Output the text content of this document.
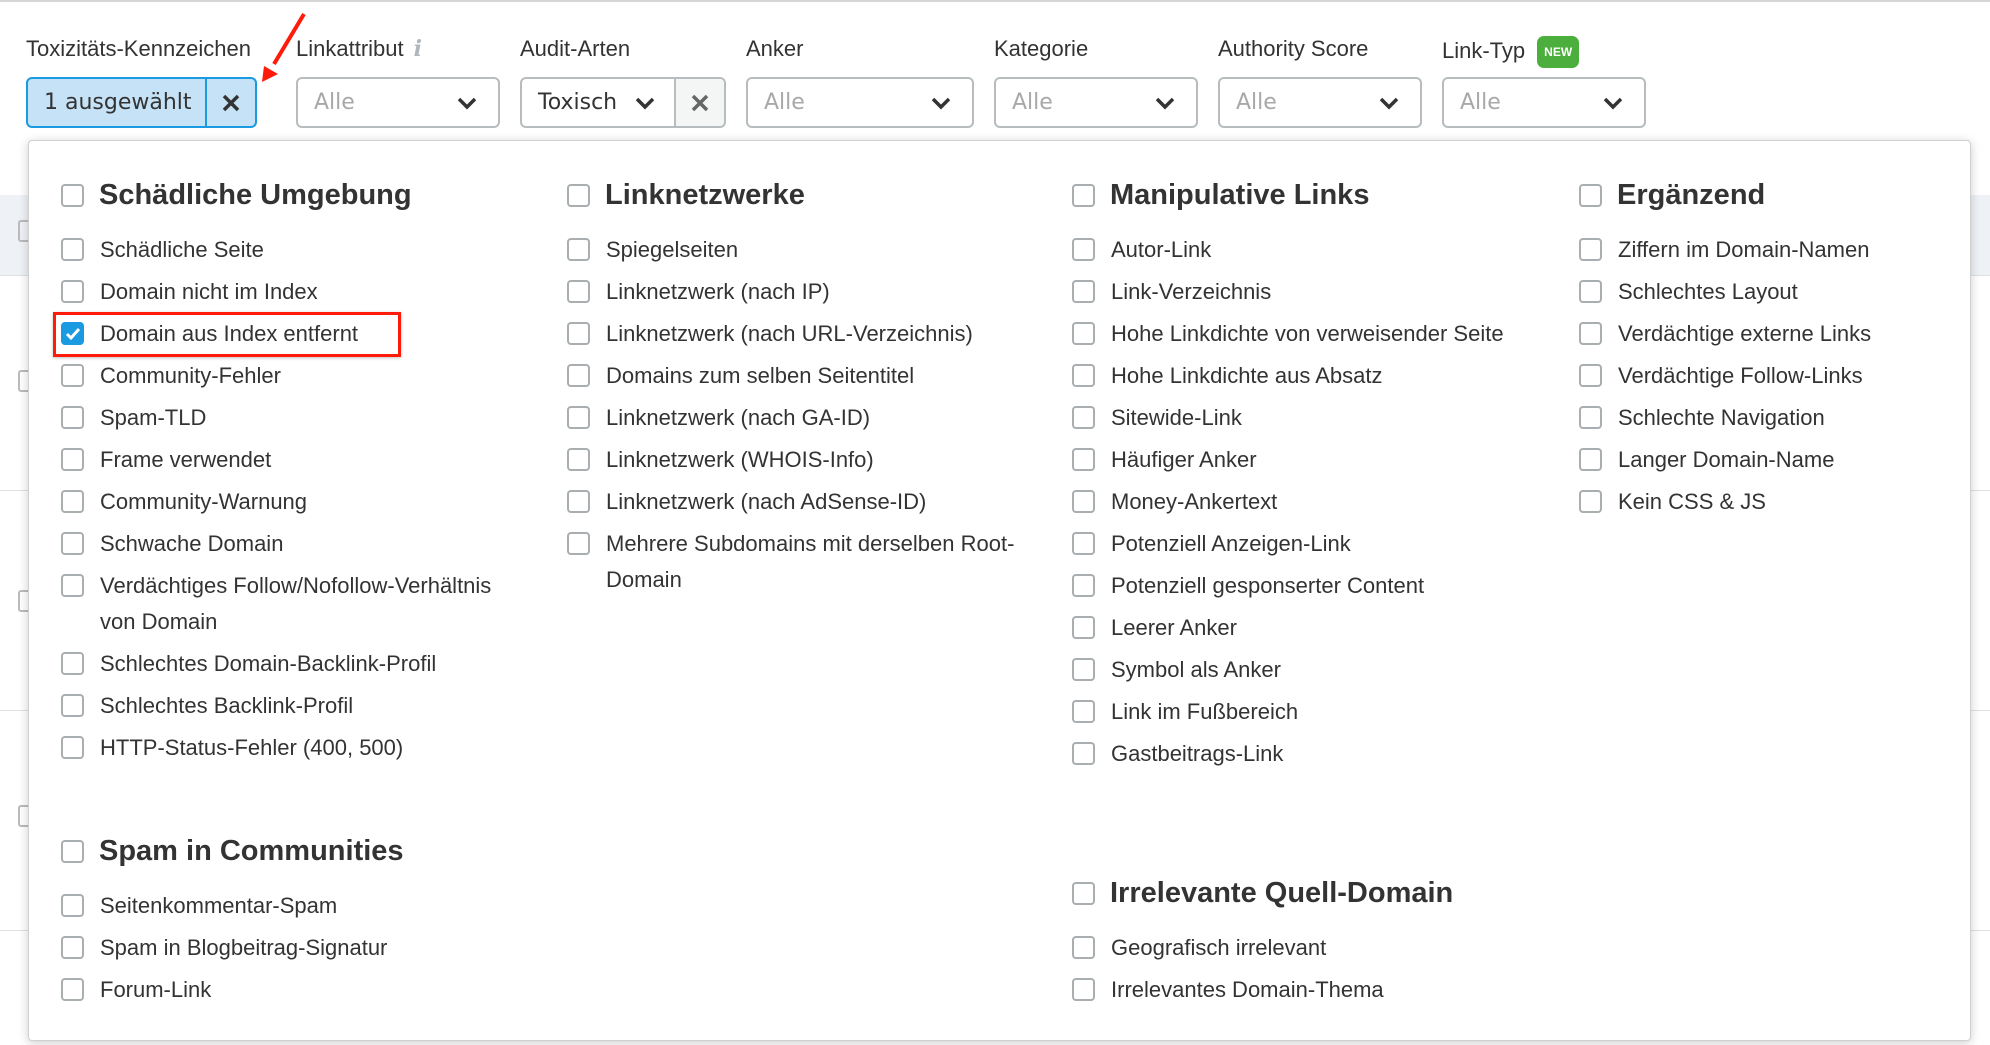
Toxizitäts-Kennzeichen
1 ausgewählt
Linkattribut i
Alle
Audit-Arten
Toxisch
Anker
Alle
Kategorie
Alle
Authority Score
Alle
Link-Typ NEW
Alle
Schädliche Umgebung
Schädliche Seite
Domain nicht im Index
Domain aus Index entfernt
Community-Fehler
Spam-TLD
Frame verwendet
Community-Warnung
Schwache Domain
Verdächtiges Follow/Nofollow-Verhältnis von Domain
Schlechtes Domain-Backlink-Profil
Schlechtes Backlink-Profil
HTTP-Status-Fehler (400, 500)
Spam in Communities
Seitenkommentar-Spam
Spam in Blogbeitrag-Signatur
Forum-Link
Linknetzwerke
Spiegelseiten
Linknetzwerk (nach IP)
Linknetzwerk (nach URL-Verzeichnis)
Domains zum selben Seitentitel
Linknetzwerk (nach GA-ID)
Linknetzwerk (WHOIS-Info)
Linknetzwerk (nach AdSense-ID)
Mehrere Subdomains mit derselben Root-Domain
Manipulative Links
Autor-Link
Link-Verzeichnis
Hohe Linkdichte von verweisender Seite
Hohe Linkdichte aus Absatz
Sitewide-Link
Häufiger Anker
Money-Ankertext
Potenziell Anzeigen-Link
Potenziell gesponserter Content
Leerer Anker
Symbol als Anker
Link im Fußbereich
Gastbeitrags-Link
Irrelevante Quell-Domain
Geografisch irrelevant
Irrelevantes Domain-Thema
Ergänzend
Ziffern im Domain-Namen
Schlechtes Layout
Verdächtige externe Links
Verdächtige Follow-Links
Schlechte Navigation
Langer Domain-Name
Kein CSS & JS
